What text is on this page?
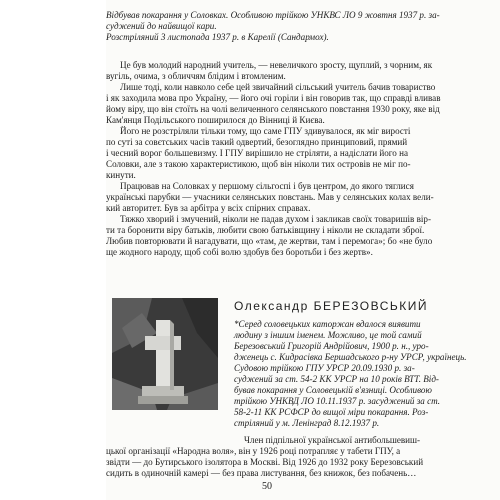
Відбував покарання у Соловках. Особливою трійкою УНКВС ЛО 9 жовтня 1937 р. за-
суджений до найвищої кари.
Розстріляний 3 листопада 1937 р. в Карелії (Сандармох).
Це був молодий народний учитель, — невеличкого зросту, щуплий, з чорним, як
вугіль, очима, з обличчям блідим і втомленим.
Лише тоді, коли навколо себе цей звичайний сільський учитель бачив товариство
і як заходила мова про Україну, — його очі горіли і він говорив так, що справді вливав
йому віру, що він стоїть на чолі величенного селянського повстання 1930 року, яке від
Кам'янця Подільського поширилося до Вінниці й Києва.
Його не розстріляли тільки тому, що саме ГПУ здивувалося, як міг виростi
по суті за совєтських часів такий одвертий, безоглядно принциповий, прямий
і чесний ворог большевизму. І ГПУ вирішило не стріляти, а надіслати його на
Соловки, але з такою характеристикою, щоб він ніколи тих островів не міг по-
кинути.
Працював на Соловках у першому сільгоспі і був центром, до якого тяглися
українські парубки — учасники селянських повстань. Мав у селянських колах вели-
кий авторитет. Був за арбітра у всіх спірних справах.
Тяжко хворий і змучений, ніколи не падав духом і закликав своїх товаришів вір-
ти та боронити віру батьків, любити свою батьківщину і ніколи не складати зброї.
Любив повторювати й нагадувати, що «там, де жертви, там і перемога»; бо «не було
ще жодного народу, щоб собі волю здобув без боротьби і без жертв».
Олександр БЕРЕЗОВСЬКИЙ
*Серед соловецьких каторжан вдалося виявити
людину з іншим іменем. Можливо, це той самий
Березовський Григорій Андрійович, 1900 р. н., уро-
дженець с. Кидрасівка Бершадського р-ну УРСР, українець.
Судовою трійкою ГПУ УРСР 20.09.1930 р. за-
суджений за ст. 54-2 КК УРСР на 10 років ВТТ. Від-
бував покарання у Соловецькій в'язниці. Особливою
трійкою УНКВД ЛО 10.11.1937 р. засуджений за ст.
58-2-11 КК РСФСР до вищої міри покарання. Роз-
стріляний у м. Ленінград 8.12.1937 р.
Член підпільної української антибольшевиш-
цької організації «Народна воля», він у 1926 році потрапляє у табети ГПУ, а
звідти — до Бутирського ізолятора в Москві. Від 1926 до 1932 року Березовський
сидить в одиночній камері — без права листування, без книжок, без побачень…
50
